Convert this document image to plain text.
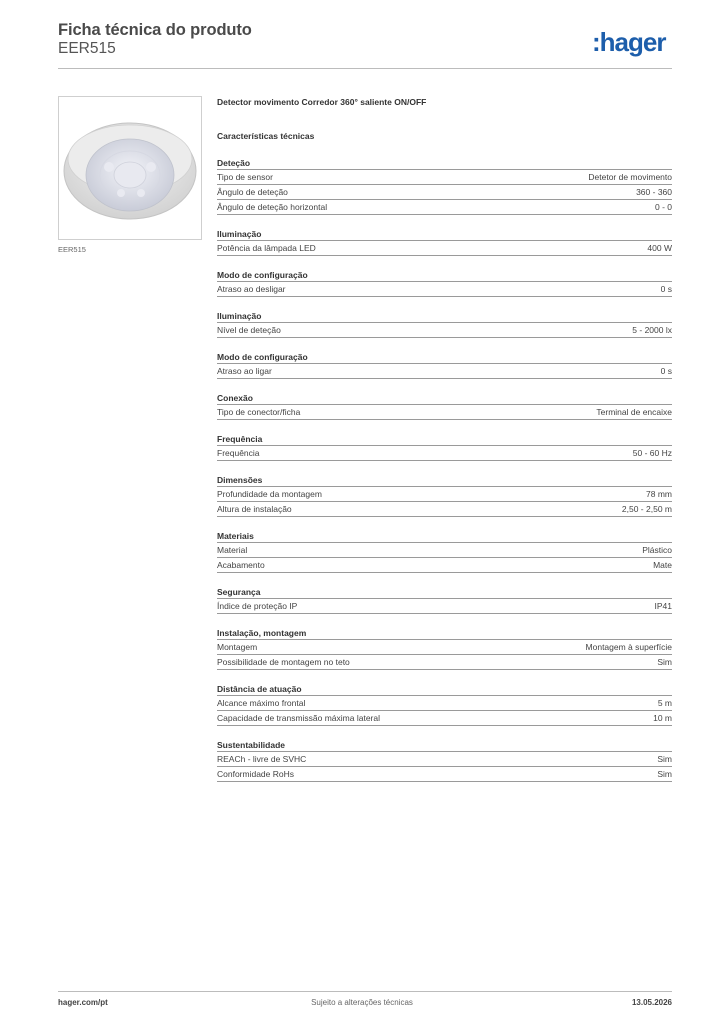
Ficha técnica do produto
EER515	:hager
EER515
Detector movimento Corredor 360° saliente ON/OFF
Características técnicas
Deteção
Tipo de sensor	Detetor de movimento
Ângulo de deteção	360 - 360
Ângulo de deteção horizontal	0 - 0
Iluminação
Potência da lâmpada LED	400 W
Modo de configuração
Atraso ao desligar	0 s
Iluminação
Nível de deteção	5 - 2000 lx
Modo de configuração
Atraso ao ligar	0 s
Conexão
Tipo de conector/ficha	Terminal de encaixe
Frequência
Frequência	50 - 60 Hz
Dimensões
Profundidade da montagem	78 mm
Altura de instalação	2,50 - 2,50 m
Materiais
Material	Plástico
Acabamento	Mate
Segurança
Índice de proteção IP	IP41
Instalação, montagem
Montagem	Montagem à superfície
Possibilidade de montagem no teto	Sim
Distância de atuação
Alcance máximo frontal	5 m
Capacidade de transmissão máxima lateral	10 m
Sustentabilidade
REACh - livre de SVHC	Sim
Conformidade RoHs	Sim
hager.com/pt	Sujeito a alterações técnicas	13.05.2026
